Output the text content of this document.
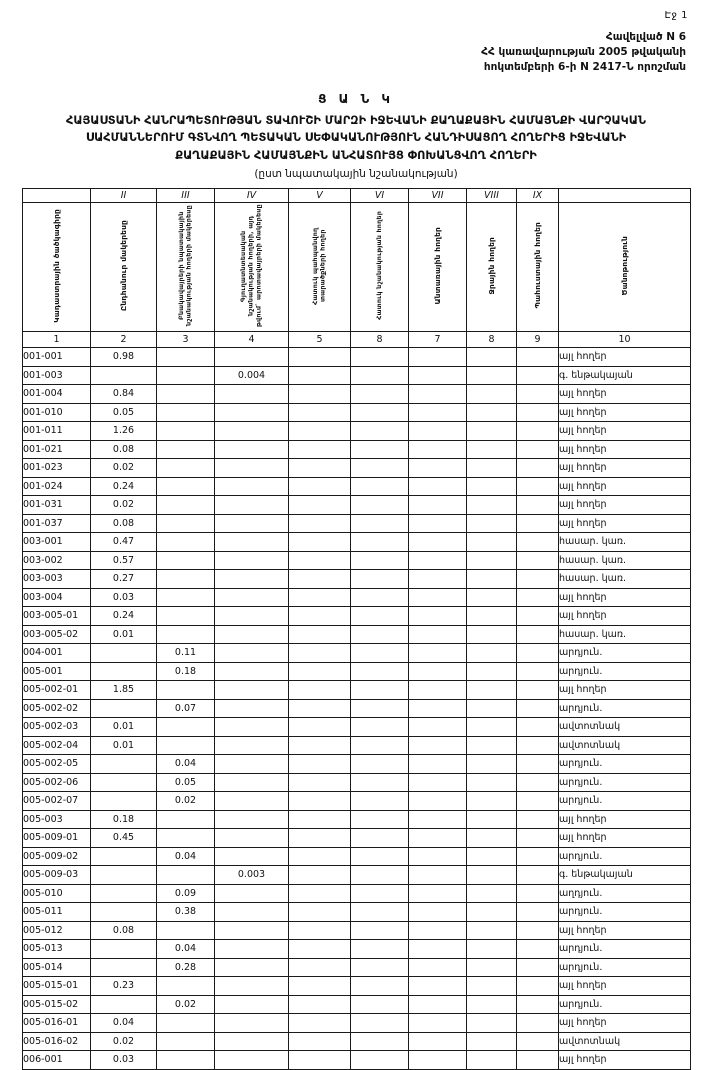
Էջ 1
Հավելված N 6
ՀՀ կառավարության 2005 թվականի
հոկտեմբերի 6-ի N 2417-Ն որոշման
Ց Ա Ն Կ
ՀԱՅԱՍՏԱՆԻ ՀԱՆՐԱՊԵՏՈՒԹՅԱՆ ՏԱՎՈՒՇԻ ՄԱՐԶԻ ԻՋԵՎԱՆԻ ՔԱՂԱՔԱՅԻՆ ՀԱՄԱՅՆՔԻ ՎԱՐՉԱԿԱՆ
ՍԱՀՄԱՆՆԵՐՈՒՄ ԳՏՆՎՈՂ ՊԵՏԱԿԱՆ ՍԵՓԱԿԱՆՈՒԹՅՈՒՆ ՀԱՆԴԻՍԱՑՈՂ ՀՈՂԵՐԻՑ ԻՋԵՎԱՆԻ
ՔԱՂԱՔԱՅԻՆ ՀԱՄԱՅՆՔԻՆ ԱՆՀԱՏՈՒՅՑ ՓՈԽԱՆՑՎՈՂ ՀՈՂԵՐԻ
(ըստ նպատակային նշանակության)
	II	III	IV	V	VI	VII	VIII	IX	
Կադաստրային ծածկագիրը	Ընդհանուր մակերեսը	Բնակավայրերի նպատակային նշանակության հողերի մակերեսը	Գյուղատնտեսական նշանակության հողերի, այդ թվում` արոտավայրերի մակերեսը	Հատուկ պահպանվող տարածքների հողեր	Հատուկ նշանակության հողեր	Անտառային հողեր	Ջրային հողեր	Պահուստային հողեր	Ծանոթություն
1	2	3	4	5	8	7	8	9	10
001-001	0.98								այլ հողեր
001-003			0.004						գ. ենթակայան
001-004	0.84								այլ հողեր
001-010	0.05								այլ հողեր
001-011	1.26								այլ հողեր
001-021	0.08								այլ հողեր
001-023	0.02								այլ հողեր
001-024	0.24								այլ հողեր
001-031	0.02								այլ հողեր
001-037	0.08								այլ հողեր
003-001	0.47								հասար. կառ.
003-002	0.57								հասար. կառ.
003-003	0.27								հասար. կառ.
003-004	0.03								այլ հողեր
003-005-01	0.24								այլ հողեր
003-005-02	0.01								հասար. կառ.
004-001		0.11							արդյուն.
005-001		0.18							արդյուն.
005-002-01	1.85								այլ հողեր
005-002-02		0.07							արդյուն.
005-002-03	0.01								ավտոտնակ
005-002-04	0.01								ավտոտնակ
005-002-05		0.04							արդյուն.
005-002-06		0.05							արդյուն.
005-002-07		0.02							արդյուն.
005-003	0.18								այլ հողեր
005-009-01	0.45								այլ հողեր
005-009-02		0.04							արդյուն.
005-009-03			0.003						գ. ենթակայան
005-010		0.09							աղդյուն.
005-011		0.38							արդյուն.
005-012	0.08								այլ հողեր
005-013		0.04							արդյուն.
005-014		0.28							արդյուն.
005-015-01	0.23								այլ հողեր
005-015-02		0.02							արդյուն.
005-016-01	0.04								այլ հողեր
005-016-02	0.02								ավտոտնակ
006-001	0.03								այլ հողեր
